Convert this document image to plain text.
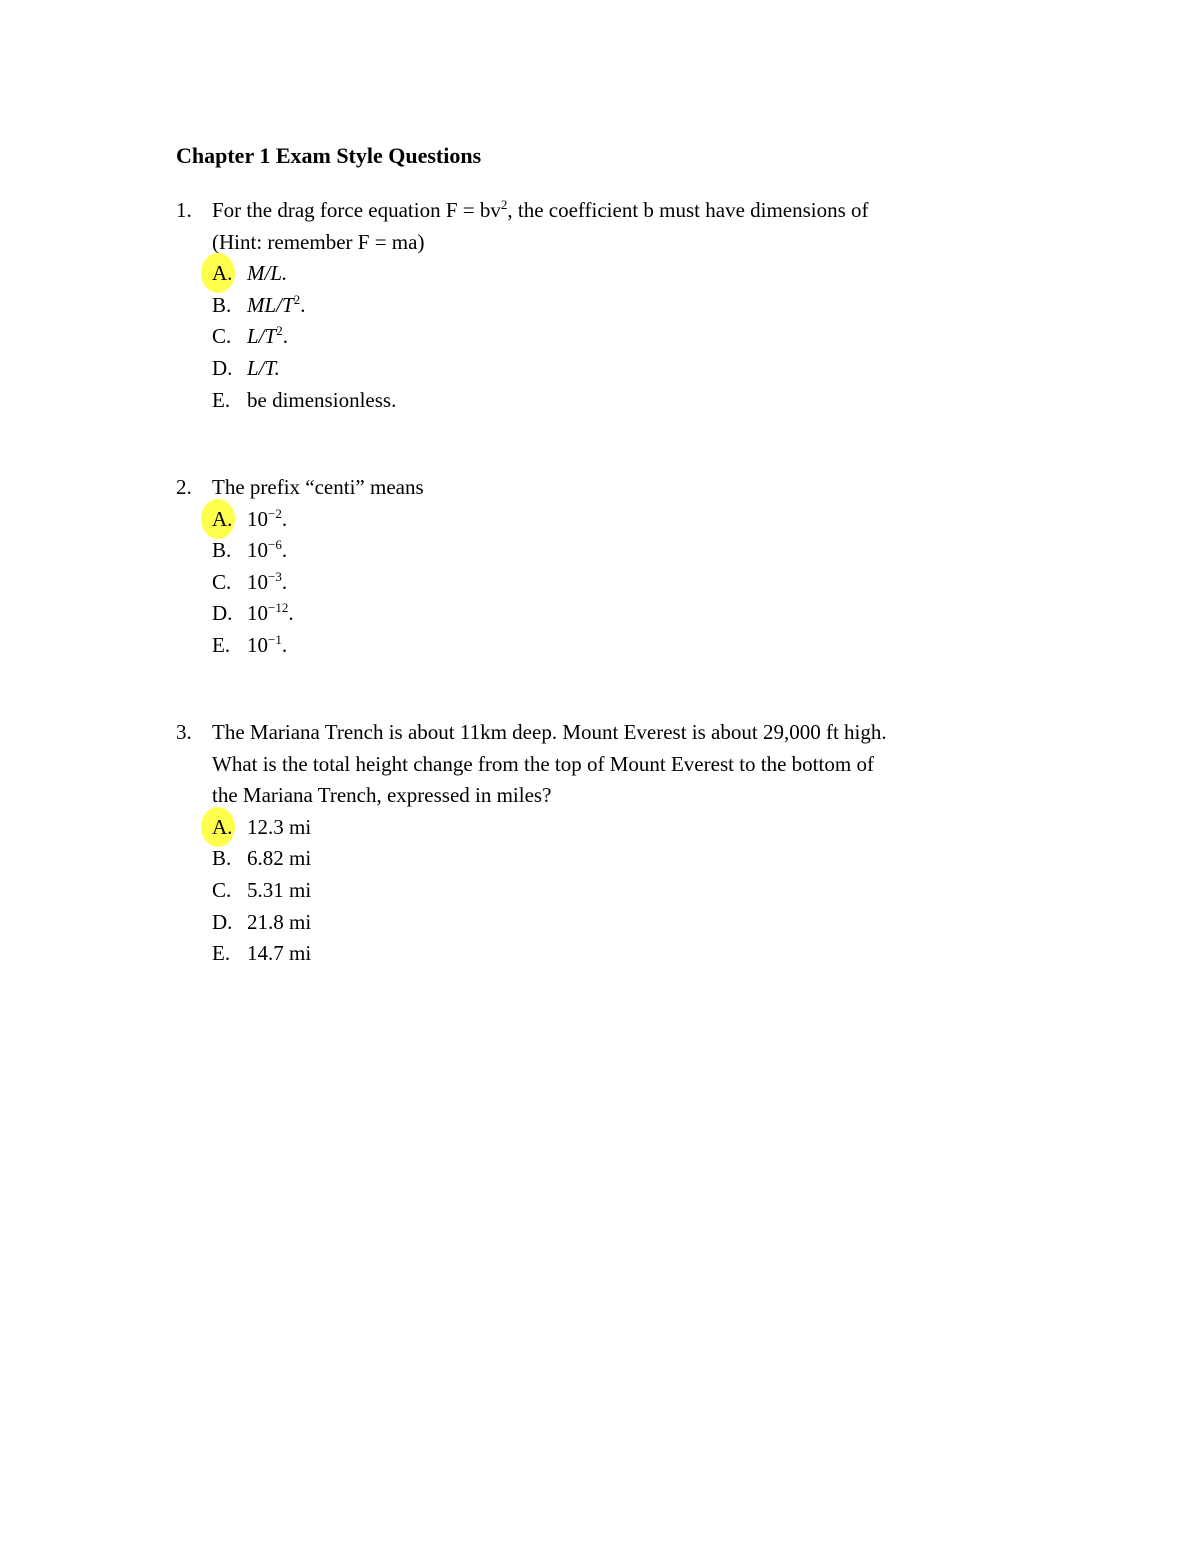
Chapter 1 Exam Style Questions
1. For the drag force equation $F = bv^2$, the coefficient b must have dimensions of
(Hint: remember F = ma)
A. M/L.
B. $ML/T^2$.
C. $L/T^2$.
D. L/T.
E. be dimensionless.
2. The prefix “centi” means
A. $10^{-2}$.
B. $10^{-6}$.
C. $10^{-3}$.
D. $10^{-12}$.
E. $10^{-1}$.
3. The Mariana Trench is about 11km deep. Mount Everest is about 29,000 ft high.
What is the total height change from the top of Mount Everest to the bottom of
the Mariana Trench, expressed in miles?
A. 12.3 mi
B. 6.82 mi
C. 5.31 mi
D. 21.8 mi
E. 14.7 mi
